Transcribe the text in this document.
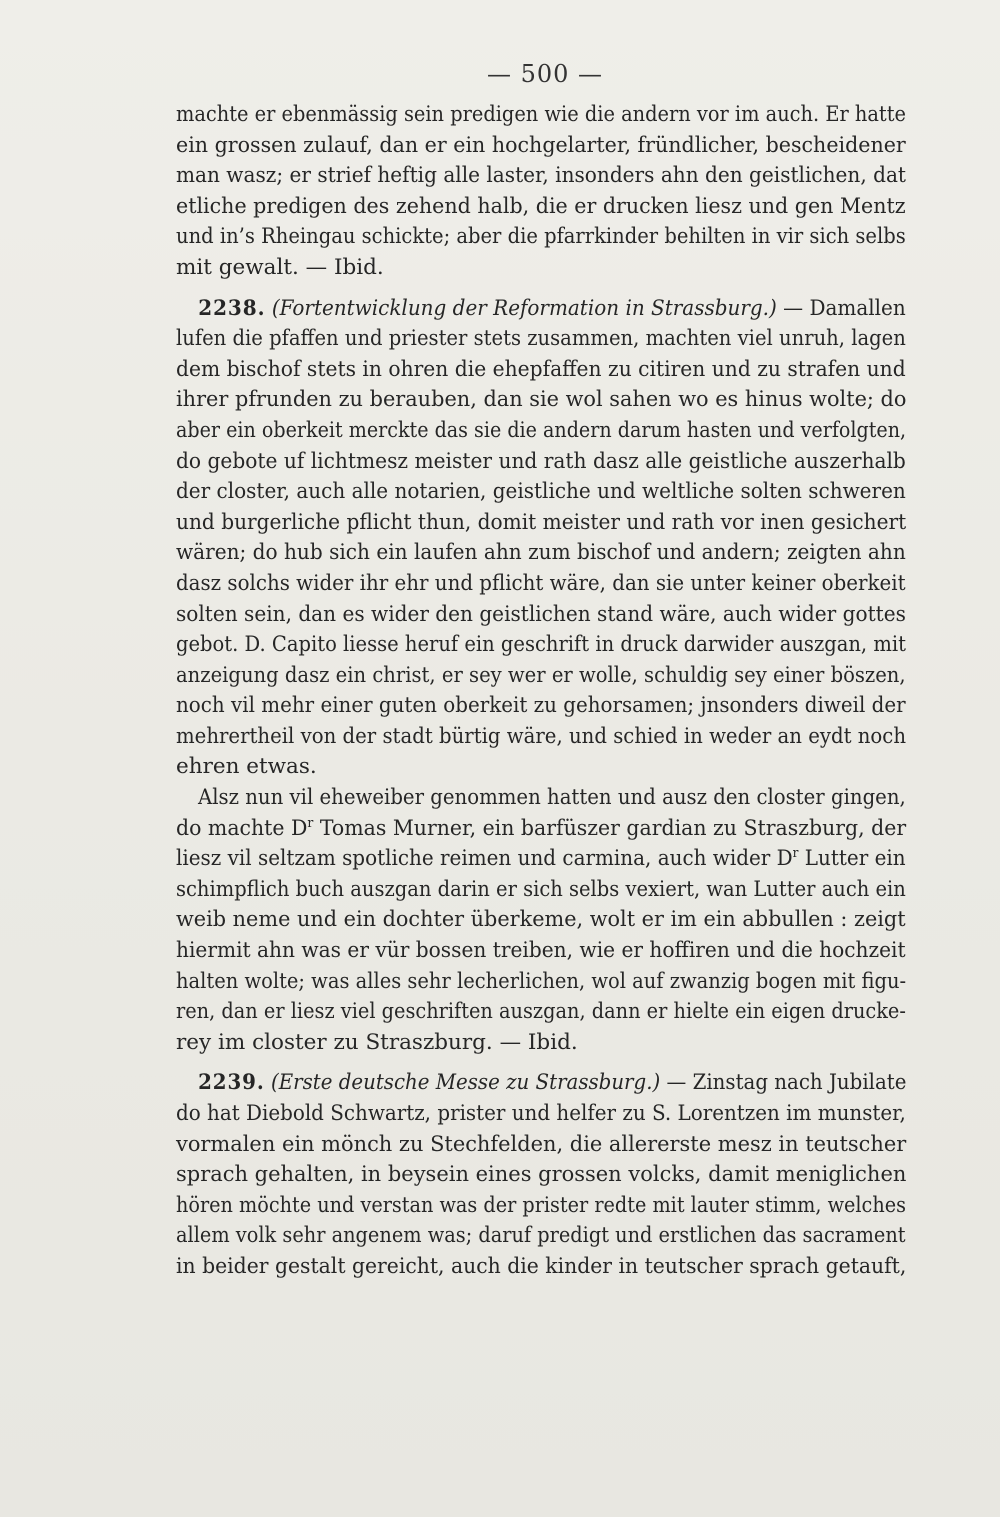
— 500 —
machte er ebenmässig sein predigen wie die andern vor im auch. Er hatte
ein grossen zulauf, dan er ein hochgelarter, fründlicher, bescheidener
man wasz; er strief heftig alle laster, insonders ahn den geistlichen, dat
etliche predigen des zehend halb, die er drucken liesz und gen Mentz
und in’s Rheingau schickte; aber die pfarrkinder behilten in vir sich selbs
mit gewalt. — Ibid.
2238. (Fortentwicklung der Reformation in Strassburg.) — Damallen
lufen die pfaffen und priester stets zusammen, machten viel unruh, lagen
dem bischof stets in ohren die ehepfaffen zu citiren und zu strafen und
ihrer pfrunden zu berauben, dan sie wol sahen wo es hinus wolte; do
aber ein oberkeit merckte das sie die andern darum hasten und verfolgten,
do gebote uf lichtmesz meister und rath dasz alle geistliche auszerhalb
der closter, auch alle notarien, geistliche und weltliche solten schweren
und burgerliche pflicht thun, domit meister und rath vor inen gesichert
wären; do hub sich ein laufen ahn zum bischof und andern; zeigten ahn
dasz solchs wider ihr ehr und pflicht wäre, dan sie unter keiner oberkeit
solten sein, dan es wider den geistlichen stand wäre, auch wider gottes
gebot. D. Capito liesse heruf ein geschrift in druck darwider auszgan, mit
anzeigung dasz ein christ, er sey wer er wolle, schuldig sey einer böszen,
noch vil mehr einer guten oberkeit zu gehorsamen; jnsonders diweil der
mehrertheil von der stadt bürtig wäre, und schied in weder an eydt noch
ehren etwas.
Alsz nun vil eheweiber genommen hatten und ausz den closter gingen,
do machte $D^r$ Tomas Murner, ein barfüszer gardian zu Straszburg, der
liesz vil seltzam spotliche reimen und carmina, auch wider $D^r$ Lutter ein
schimpflich buch auszgan darin er sich selbs vexiert, wan Lutter auch ein
weib neme und ein dochter überkeme, wolt er im ein abbullen : zeigt
hiermit ahn was er vür bossen treiben, wie er hoffiren und die hochzeit
halten wolte; was alles sehr lecherlichen, wol auf zwanzig bogen mit figu-
ren, dan er liesz viel geschriften auszgan, dann er hielte ein eigen drucke-
rey im closter zu Straszburg. — Ibid.
2239. (Erste deutsche Messe zu Strassburg.) — Zinstag nach Jubilate
do hat Diebold Schwartz, prister und helfer zu S. Lorentzen im munster,
vormalen ein mönch zu Stechfelden, die allererste mesz in teutscher
sprach gehalten, in beysein eines grossen volcks, damit meniglichen
hören möchte und verstan was der prister redte mit lauter stimm, welches
allem volk sehr angenem was; daruf predigt und erstlichen das sacrament
in beider gestalt gereicht, auch die kinder in teutscher sprach getauft,
